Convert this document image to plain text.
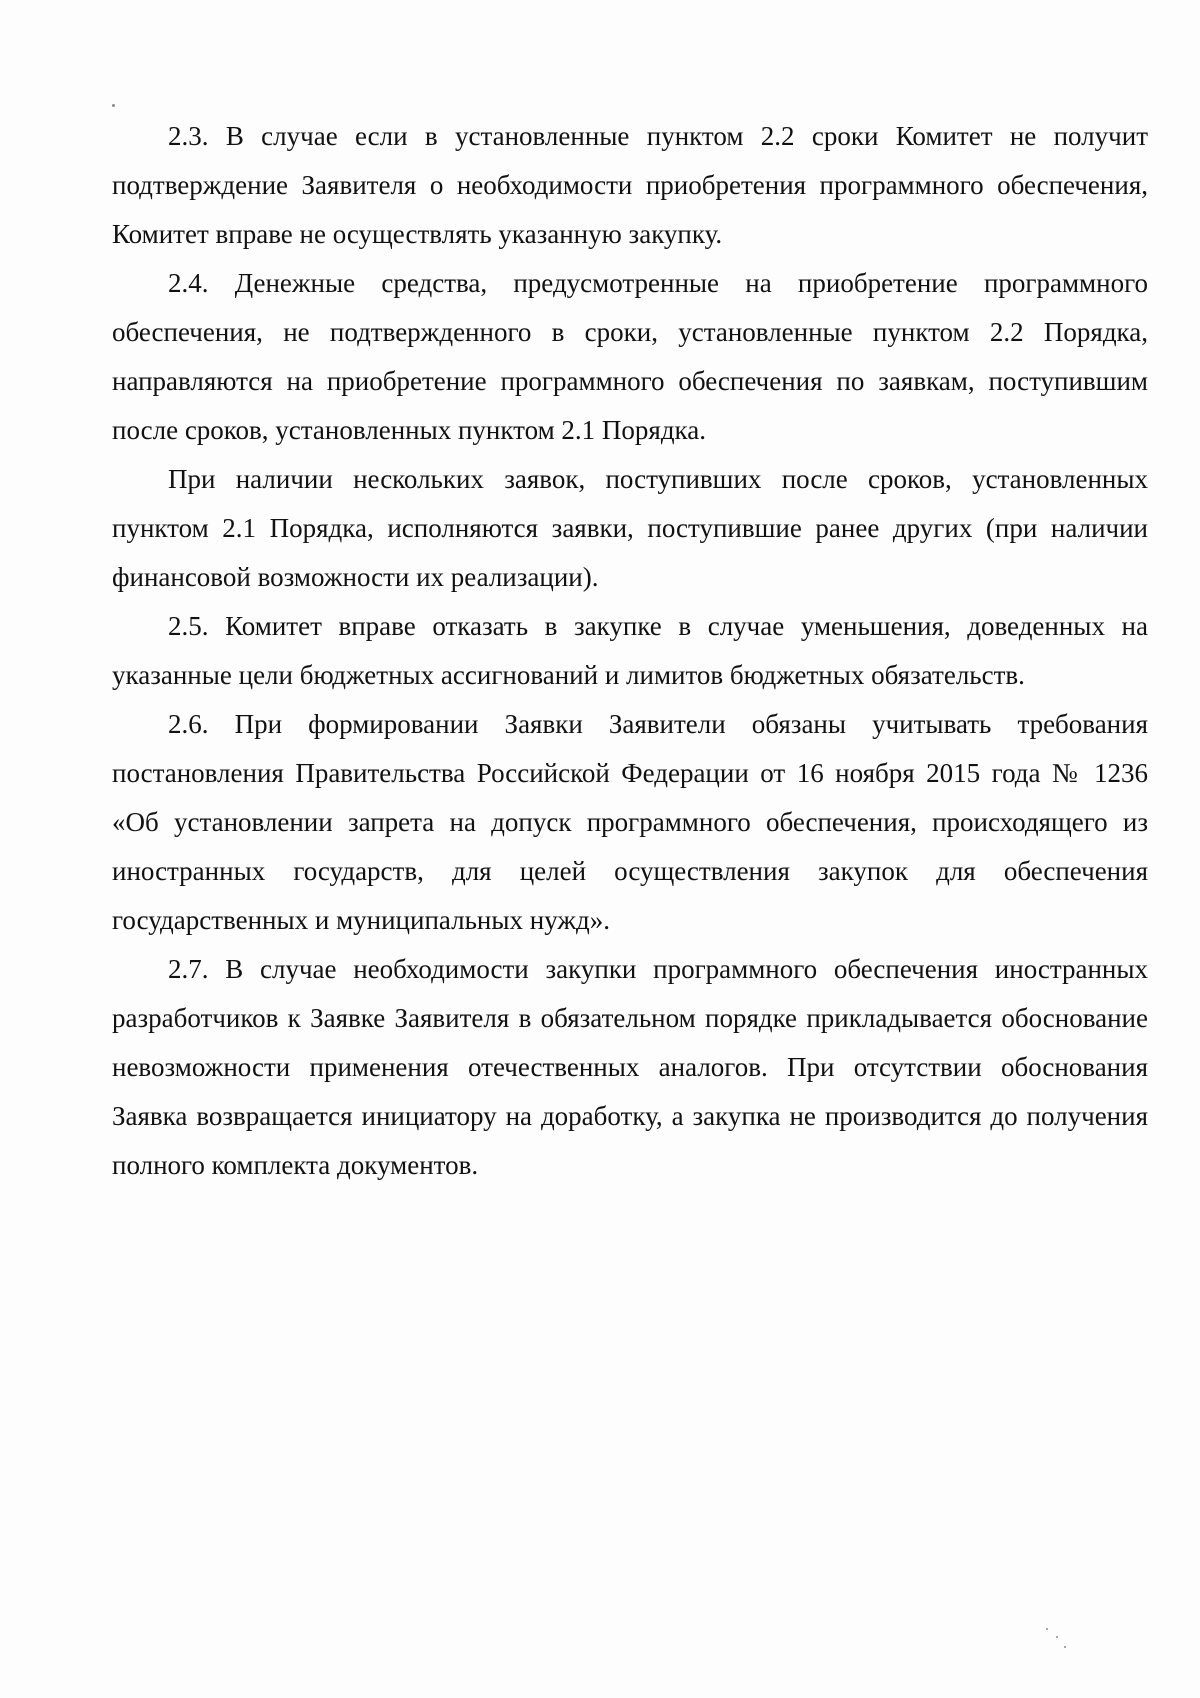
2.3. В случае если в установленные пунктом 2.2 сроки Комитет не получит подтверждение Заявителя о необходимости приобретения программного обеспечения, Комитет вправе не осуществлять указанную закупку.

2.4. Денежные средства, предусмотренные на приобретение программного обеспечения, не подтвержденного в сроки, установленные пунктом 2.2 Порядка, направляются на приобретение программного обеспечения по заявкам, поступившим после сроков, установленных пунктом 2.1 Порядка.

При наличии нескольких заявок, поступивших после сроков, установленных пунктом 2.1 Порядка, исполняются заявки, поступившие ранее других (при наличии финансовой возможности их реализации).

2.5. Комитет вправе отказать в закупке в случае уменьшения, доведенных на указанные цели бюджетных ассигнований и лимитов бюджетных обязательств.

2.6. При формировании Заявки Заявители обязаны учитывать требования постановления Правительства Российской Федерации от 16 ноября 2015 года № 1236 «Об установлении запрета на допуск программного обеспечения, происходящего из иностранных государств, для целей осуществления закупок для обеспечения государственных и муниципальных нужд».

2.7. В случае необходимости закупки программного обеспечения иностранных разработчиков к Заявке Заявителя в обязательном порядке прикладывается обоснование невозможности применения отечественных аналогов. При отсутствии обоснования Заявка возвращается инициатору на доработку, а закупка не производится до получения полного комплекта документов.
